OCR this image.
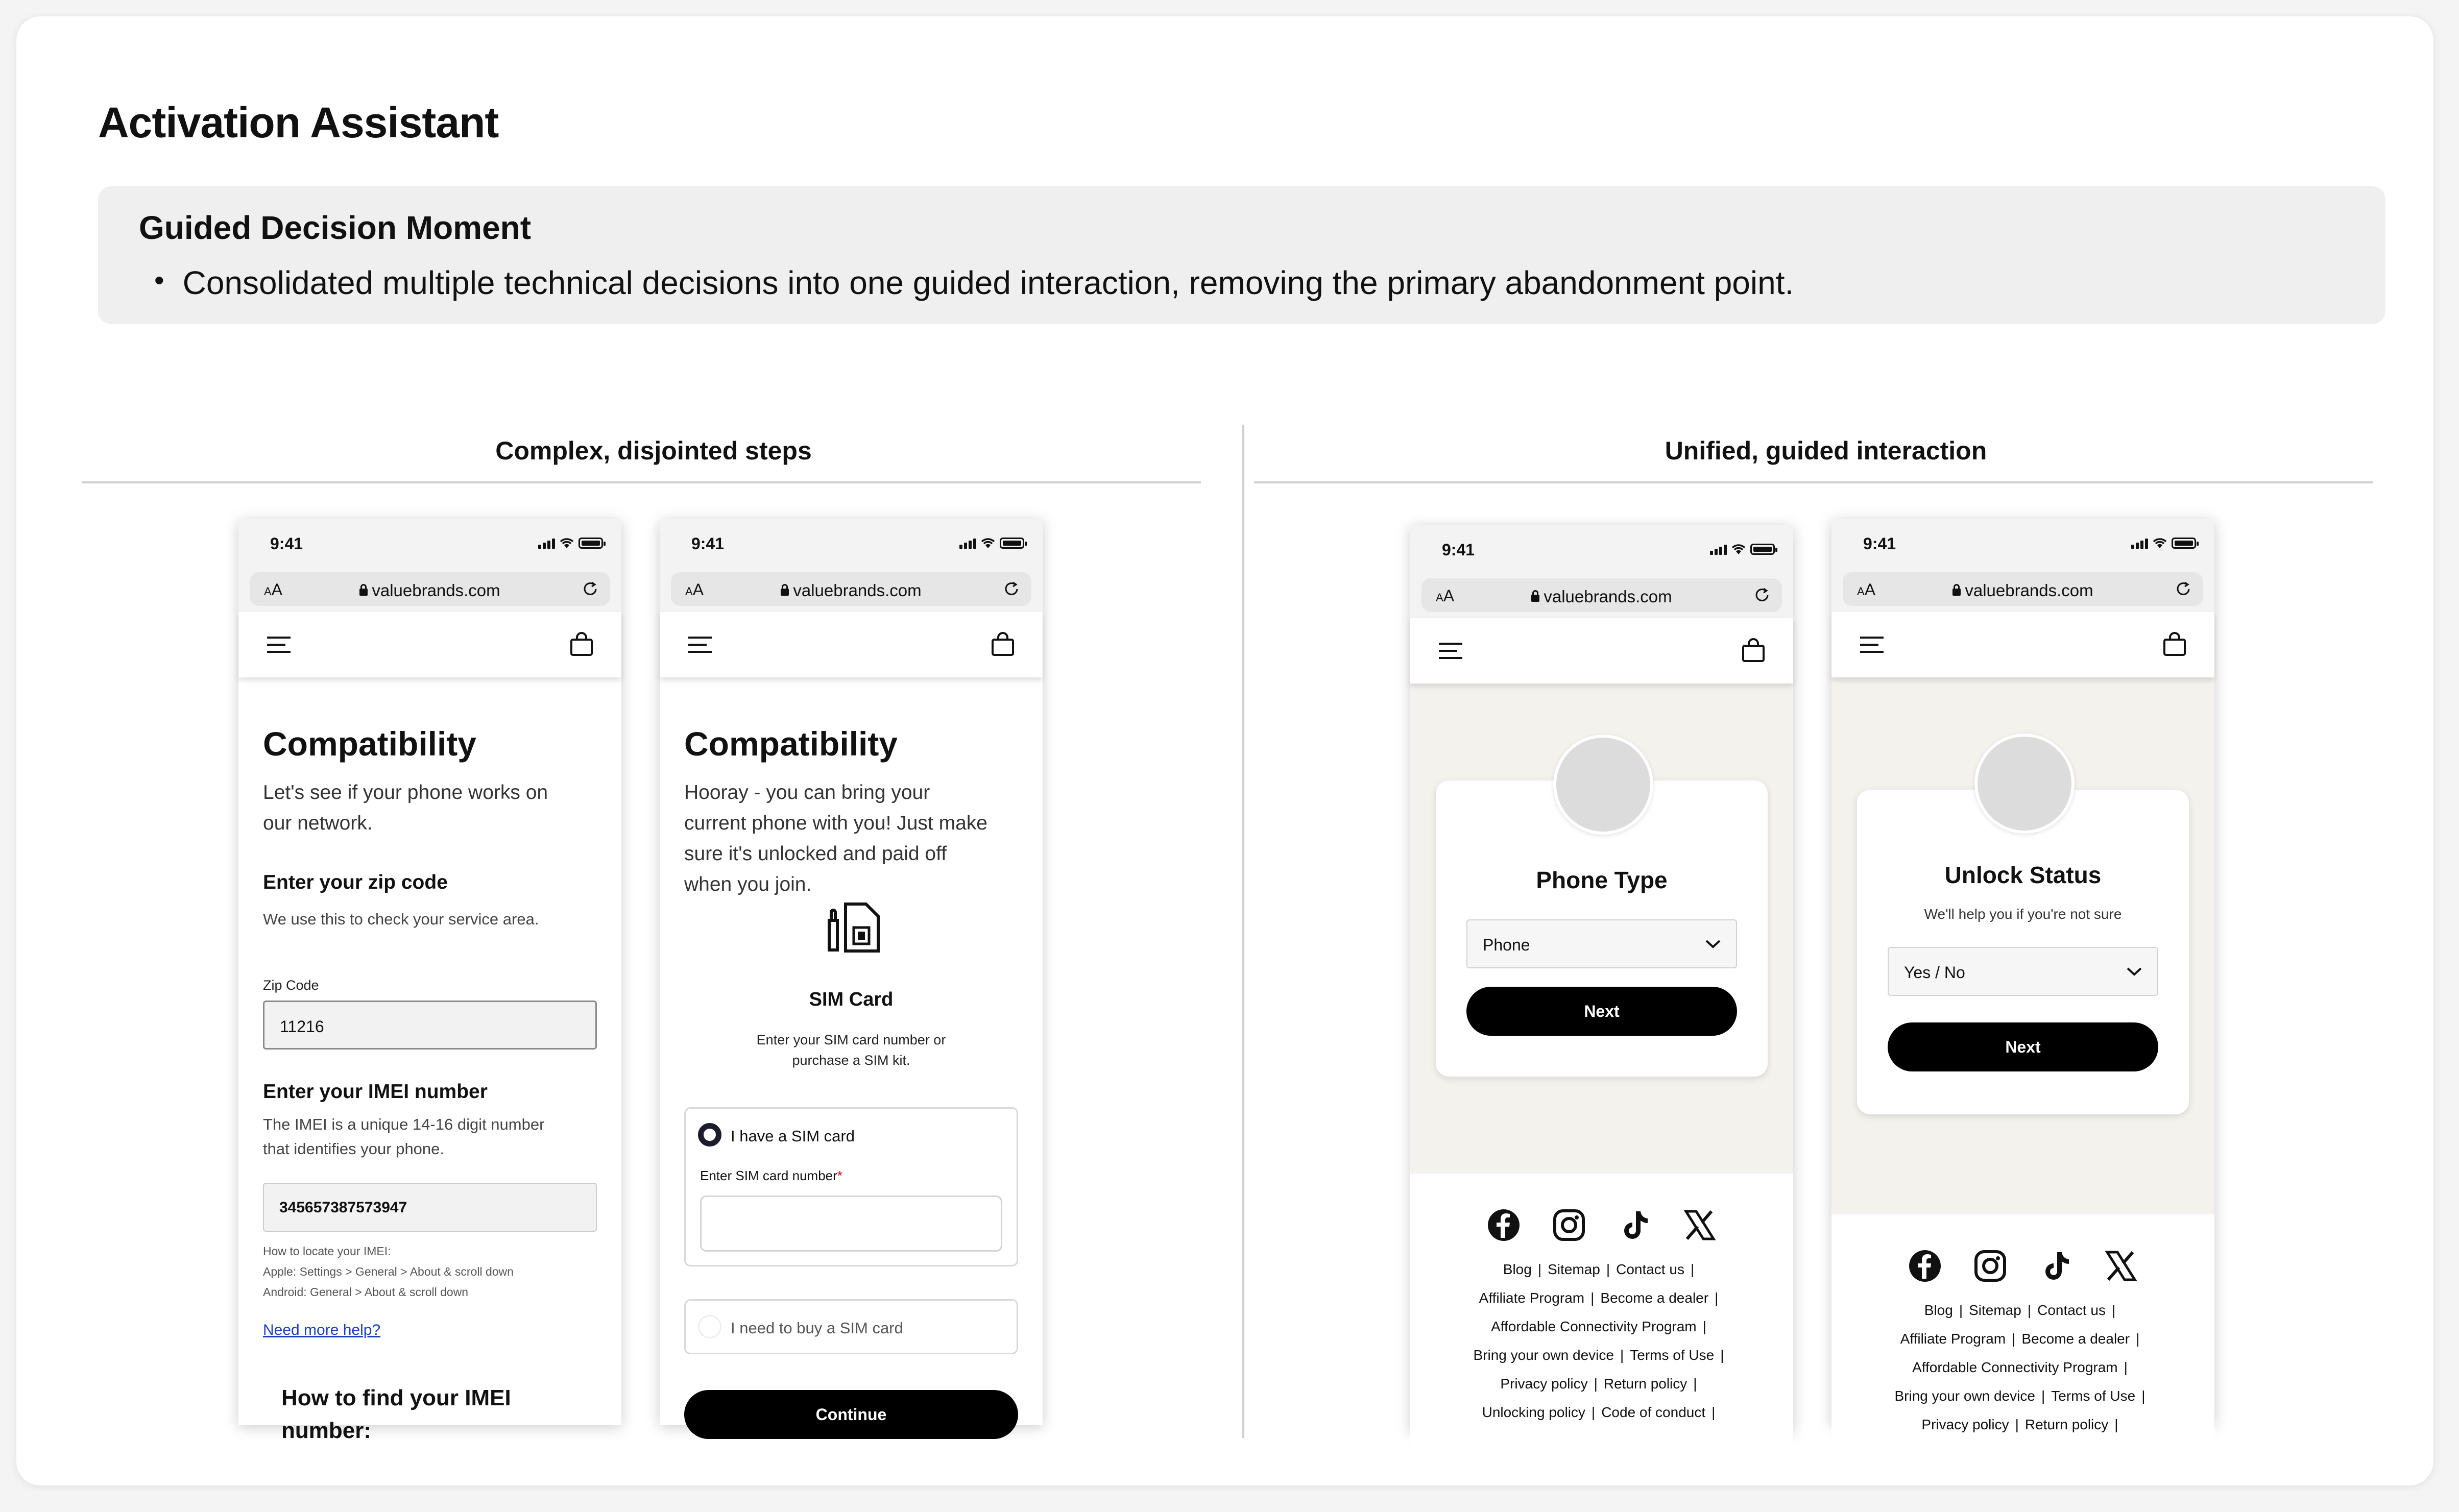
Activation Assistant
Guided Decision Moment
• Consolidated multiple technical decisions into one guided interaction, removing the primary abandonment point.
Complex, disjointed steps	Unified, guided interaction
9:41
AA	valuebrands.com
Compatibility
Let's see if your phone works on
our network.
Enter your zip code
We use this to check your service area.
Zip Code
11216
Enter your IMEI number
The IMEI is a unique 14-16 digit number
that identifies your phone.
345657387573947
How to locate your IMEI:
Apple: Settings > General > About & scroll down
Android: General > About & scroll down
Need more help?
How to find your IMEI
number:
9:41
AA	valuebrands.com
Compatibility
Hooray - you can bring your
current phone with you! Just make
sure it's unlocked and paid off
when you join.
SIM Card
Enter your SIM card number or
purchase a SIM kit.
I have a SIM card
Enter SIM card number*
I need to buy a SIM card
Continue
9:41
AA	valuebrands.com
Phone Type
Phone
Next
Blog | Sitemap | Contact us |
Affiliate Program | Become a dealer |
Affordable Connectivity Program |
Bring your own device | Terms of Use |
Privacy policy | Return policy |
Unlocking policy | Code of conduct |
9:41
AA	valuebrands.com
Unlock Status
We'll help you if you're not sure
Yes / No
Next
Blog | Sitemap | Contact us |
Affiliate Program | Become a dealer |
Affordable Connectivity Program |
Bring your own device | Terms of Use |
Privacy policy | Return policy |
